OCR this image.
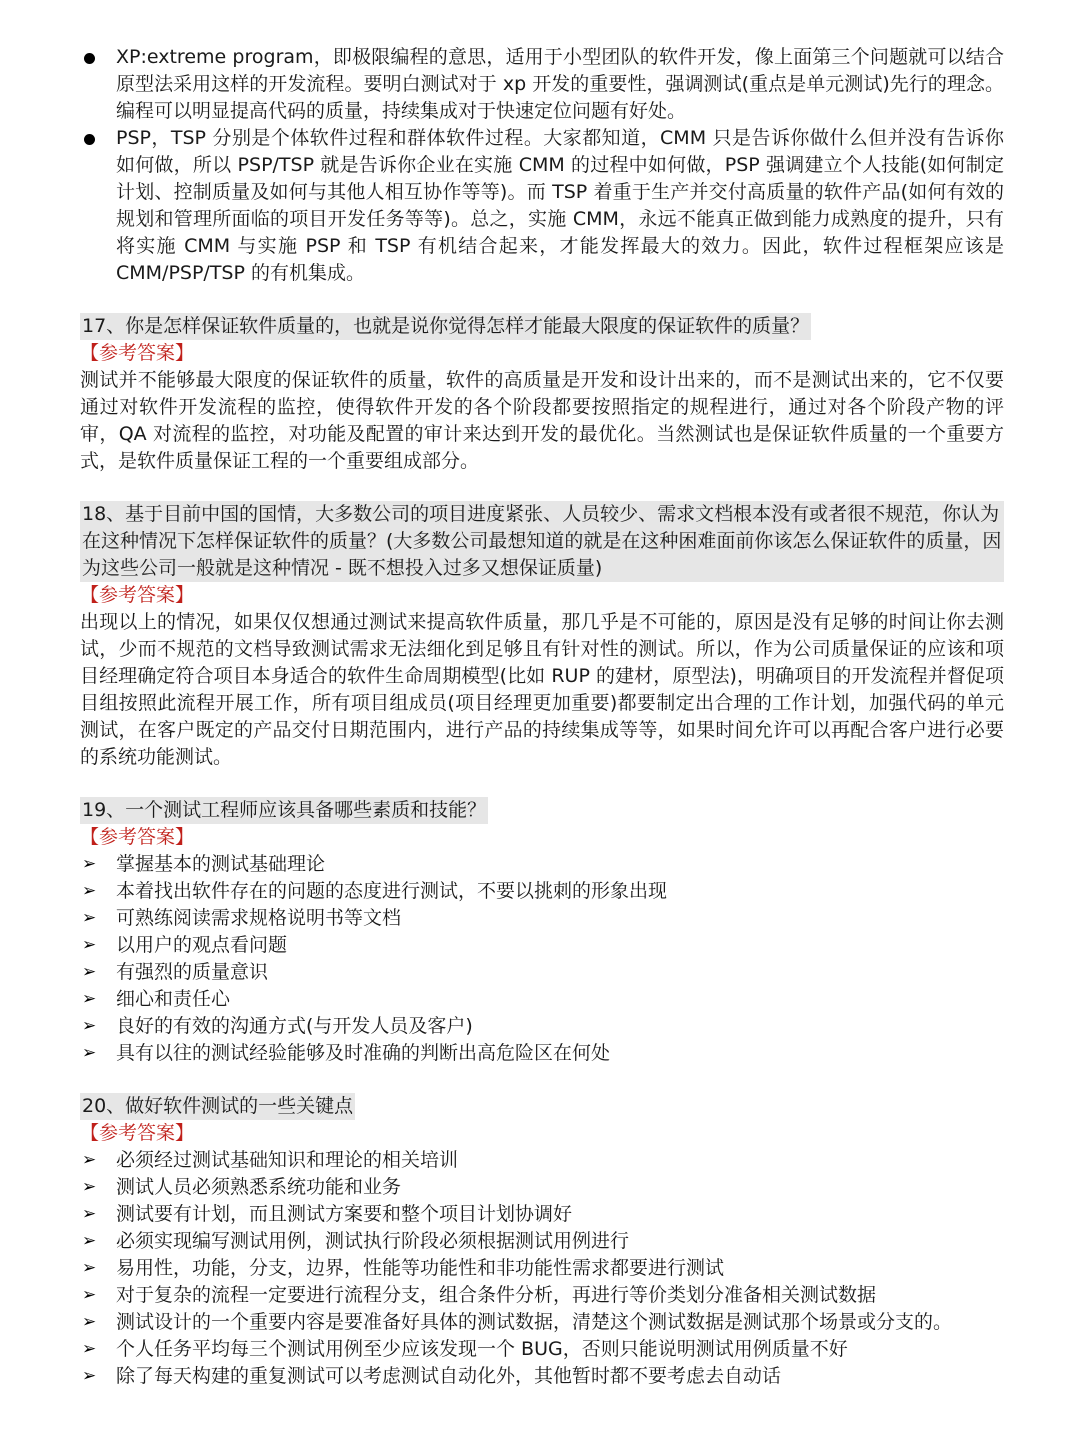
XP:extreme program，即极限编程的意思，适用于小型团队的软件开发，像上面第三个问题就可以结合原型法采用这样的开发流程。要明白测试对于 xp 开发的重要性，强调测试(重点是单元测试)先行的理念。编程可以明显提高代码的质量，持续集成对于快速定位问题有好处。
PSP，TSP 分别是个体软件过程和群体软件过程。大家都知道，CMM 只是告诉你做什么但并没有告诉你如何做，所以 PSP/TSP 就是告诉你企业在实施 CMM 的过程中如何做，PSP 强调建立个人技能(如何制定计划、控制质量及如何与其他人相互协作等等)。而 TSP 着重于生产并交付高质量的软件产品(如何有效的规划和管理所面临的项目开发任务等等)。总之，实施 CMM，永远不能真正做到能力成熟度的提升，只有将实施 CMM 与实施 PSP 和 TSP 有机结合起来，才能发挥最大的效力。因此，软件过程框架应该是 CMM/PSP/TSP 的有机集成。
17、你是怎样保证软件质量的，也就是说你觉得怎样才能最大限度的保证软件的质量？
【参考答案】
测试并不能够最大限度的保证软件的质量，软件的高质量是开发和设计出来的，而不是测试出来的，它不仅要通过对软件开发流程的监控，使得软件开发的各个阶段都要按照指定的规程进行，通过对各个阶段产物的评审，QA 对流程的监控，对功能及配置的审计来达到开发的最优化。当然测试也是保证软件质量的一个重要方式，是软件质量保证工程的一个重要组成部分。
18、基于目前中国的国情，大多数公司的项目进度紧张、人员较少、需求文档根本没有或者很不规范，你认为在这种情况下怎样保证软件的质量？(大多数公司最想知道的就是在这种困难面前你该怎么保证软件的质量，因为这些公司一般就是这种情况 - 既不想投入过多又想保证质量)
【参考答案】
出现以上的情况，如果仅仅想通过测试来提高软件质量，那几乎是不可能的，原因是没有足够的时间让你去测试，少而不规范的文档导致测试需求无法细化到足够且有针对性的测试。所以，作为公司质量保证的应该和项目经理确定符合项目本身适合的软件生命周期模型(比如 RUP 的建材，原型法)，明确项目的开发流程并督促项目组按照此流程开展工作，所有项目组成员(项目经理更加重要)都要制定出合理的工作计划，加强代码的单元测试，在客户既定的产品交付日期范围内，进行产品的持续集成等等，如果时间允许可以再配合客户进行必要的系统功能测试。
19、一个测试工程师应该具备哪些素质和技能？
【参考答案】
➢ 掌握基本的测试基础理论
➢ 本着找出软件存在的问题的态度进行测试，不要以挑刺的形象出现
➢ 可熟练阅读需求规格说明书等文档
➢ 以用户的观点看问题
➢ 有强烈的质量意识
➢ 细心和责任心
➢ 良好的有效的沟通方式(与开发人员及客户)
➢ 具有以往的测试经验能够及时准确的判断出高危险区在何处
20、做好软件测试的一些关键点
【参考答案】
➢ 必须经过测试基础知识和理论的相关培训
➢ 测试人员必须熟悉系统功能和业务
➢ 测试要有计划，而且测试方案要和整个项目计划协调好
➢ 必须实现编写测试用例，测试执行阶段必须根据测试用例进行
➢ 易用性，功能，分支，边界，性能等功能性和非功能性需求都要进行测试
➢ 对于复杂的流程一定要进行流程分支，组合条件分析，再进行等价类划分准备相关测试数据
➢ 测试设计的一个重要内容是要准备好具体的测试数据，清楚这个测试数据是测试那个场景或分支的。
➢ 个人任务平均每三个测试用例至少应该发现一个 BUG，否则只能说明测试用例质量不好
➢ 除了每天构建的重复测试可以考虑测试自动化外，其他暂时都不要考虑去自动话
